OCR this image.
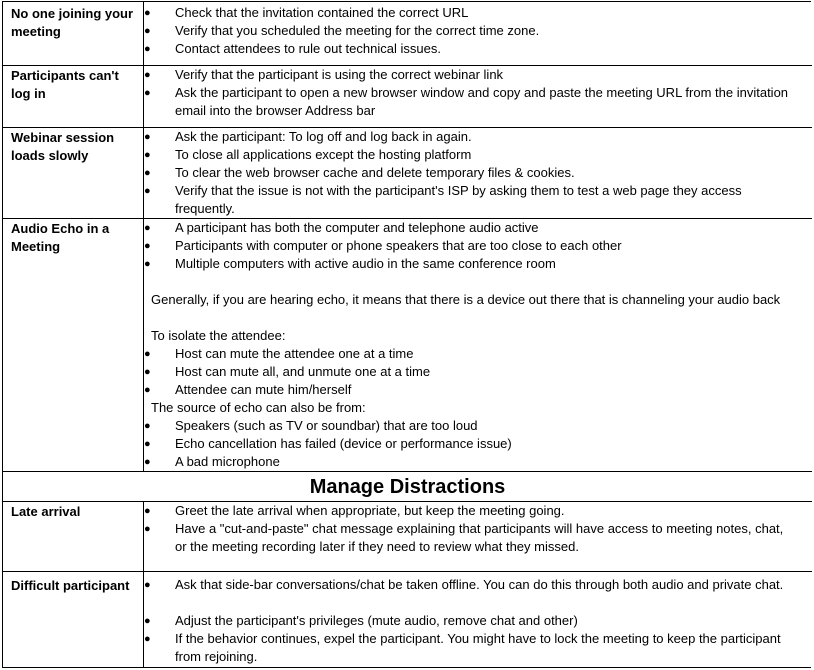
No one joining your meeting
● Check that the invitation contained the correct URL
● Verify that you scheduled the meeting for the correct time zone.
● Contact attendees to rule out technical issues.
Participants can't log in
● Verify that the participant is using the correct webinar link
● Ask the participant to open a new browser window and copy and paste the meeting URL from the invitation email into the browser Address bar
Webinar session loads slowly
● Ask the participant: To log off and log back in again.
● To close all applications except the hosting platform
● To clear the web browser cache and delete temporary files & cookies.
● Verify that the issue is not with the participant's ISP by asking them to test a web page they access frequently.
Audio Echo in a Meeting
● A participant has both the computer and telephone audio active
● Participants with computer or phone speakers that are too close to each other
● Multiple computers with active audio in the same conference room
Generally, if you are hearing echo, it means that there is a device out there that is channeling your audio back
To isolate the attendee:
● Host can mute the attendee one at a time
● Host can mute all, and unmute one at a time
● Attendee can mute him/herself
The source of echo can also be from:
● Speakers (such as TV or soundbar) that are too loud
● Echo cancellation has failed (device or performance issue)
● A bad microphone
Manage Distractions
Late arrival	● Greet the late arrival when appropriate, but keep the meeting going.
● Have a "cut-and-paste" chat message explaining that participants will have access to meeting notes, chat, or the meeting recording later if they need to review what they missed.
Difficult participant	● Ask that side-bar conversations/chat be taken offline. You can do this through both audio and private chat.
● Adjust the participant's privileges (mute audio, remove chat and other)
● If the behavior continues, expel the participant. You might have to lock the meeting to keep the participant from rejoining.
